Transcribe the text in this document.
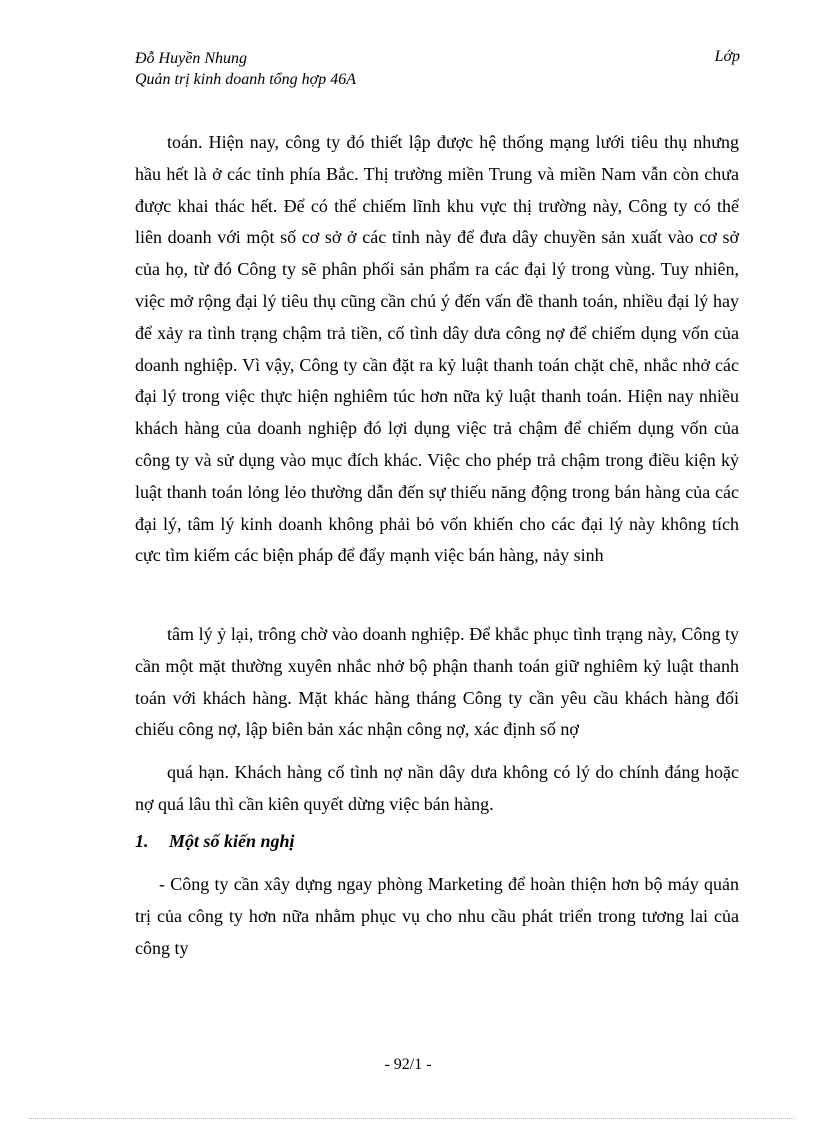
Đỗ Huyền Nhung
Quản trị kinh doanh tổng hợp 46A
Lớp
toán. Hiện nay, công ty đó thiết lập được hệ thống mạng lưới tiêu thụ nhưng hầu hết là ở các tỉnh phía Bắc. Thị trường miền Trung và miền Nam vẫn còn chưa được khai thác hết. Để có thể chiếm lĩnh khu vực thị trường này, Công ty có thể liên doanh với một số cơ sở ở các tỉnh này để đưa dây chuyền sản xuất vào cơ sở của họ, từ đó Công ty sẽ phân phối sản phẩm ra các đại lý trong vùng. Tuy nhiên, việc mở rộng đại lý tiêu thụ cũng cần chú ý đến vấn đề thanh toán, nhiều đại lý hay để xảy ra tình trạng chậm trả tiền, cố tình dây dưa công nợ để chiếm dụng vốn của doanh nghiệp. Vì vậy, Công ty cần đặt ra kỷ luật thanh toán chặt chẽ, nhắc nhở các đại lý trong việc thực hiện nghiêm túc hơn nữa kỷ luật thanh toán. Hiện nay nhiều khách hàng của doanh nghiệp đó lợi dụng việc trả chậm để chiếm dụng vốn của công ty và sử dụng vào mục đích khác. Việc cho phép trả chậm trong điều kiện kỷ luật thanh toán lỏng lẻo thường dẫn đến sự thiếu năng động trong bán hàng của các đại lý, tâm lý kinh doanh không phải bỏ vốn khiến cho các đại lý này không tích cực tìm kiếm các biện pháp để đẩy mạnh việc bán hàng, nảy sinh
tâm lý ỷ lại, trông chờ vào doanh nghiệp. Để khắc phục tình trạng này, Công ty cần một mặt thường xuyên nhắc nhở bộ phận thanh toán giữ nghiêm kỷ luật thanh toán với khách hàng. Mặt khác hàng tháng Công ty cần yêu cầu khách hàng đối chiếu công nợ, lập biên bản xác nhận công nợ, xác định số nợ
quá hạn. Khách hàng cố tình nợ nần dây dưa không có lý do chính đáng hoặc nợ quá lâu thì cần kiên quyết dừng việc bán hàng.
1. Một số kiến nghị
- Công ty cần xây dựng ngay phòng Marketing để hoàn thiện hơn bộ máy quản trị của công ty hơn nữa nhằm phục vụ cho nhu cầu phát triển trong tương lai của công ty
- 92/1 -
